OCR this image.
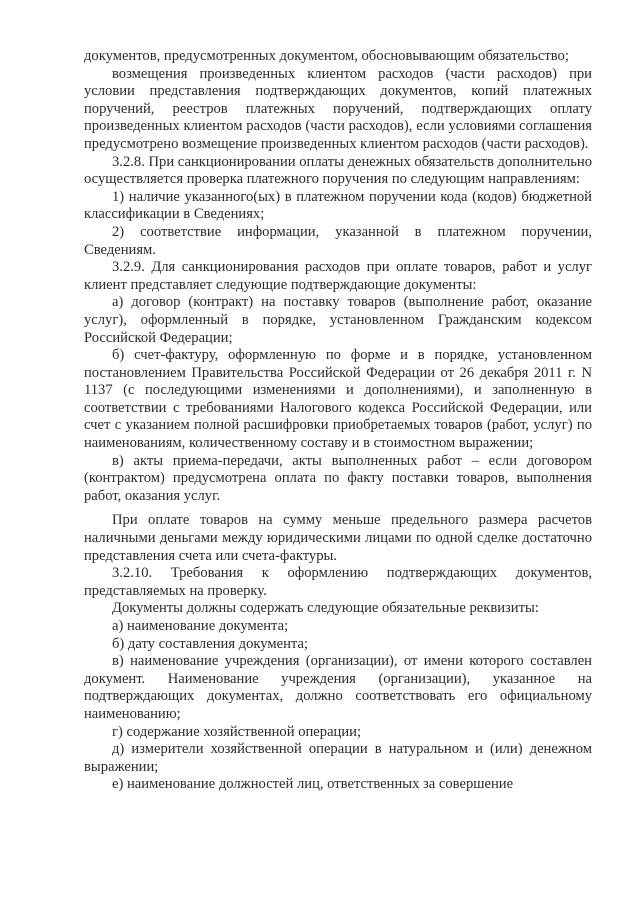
документов, предусмотренных документом, обосновывающим обязательство;

возмещения произведенных клиентом расходов (части расходов) при условии представления подтверждающих документов, копий платежных поручений, реестров платежных поручений, подтверждающих оплату произведенных клиентом расходов (части расходов), если условиями соглашения предусмотрено возмещение произведенных клиентом расходов (части расходов).

3.2.8. При санкционировании оплаты денежных обязательств дополнительно осуществляется проверка платежного поручения по следующим направлениям:

1) наличие указанного(ых) в платежном поручении кода (кодов) бюджетной классификации в Сведениях;

2) соответствие информации, указанной в платежном поручении, Сведениям.

3.2.9. Для санкционирования расходов при оплате товаров, работ и услуг клиент представляет следующие подтверждающие документы:

а) договор (контракт) на поставку товаров (выполнение работ, оказание услуг), оформленный в порядке, установленном Гражданским кодексом Российской Федерации;

б) счет-фактуру, оформленную по форме и в порядке, установленном постановлением Правительства Российской Федерации от 26 декабря 2011 г. N 1137 (с последующими изменениями и дополнениями), и заполненную в соответствии с требованиями Налогового кодекса Российской Федерации, или счет с указанием полной расшифровки приобретаемых товаров (работ, услуг) по наименованиям, количественному составу и в стоимостном выражении;

в) акты приема-передачи, акты выполненных работ – если договором (контрактом) предусмотрена оплата по факту поставки товаров, выполнения работ, оказания услуг.

При оплате товаров на сумму меньше предельного размера расчетов наличными деньгами между юридическими лицами по одной сделке достаточно представления счета или счета-фактуры.

3.2.10. Требования к оформлению подтверждающих документов, представляемых на проверку.

Документы должны содержать следующие обязательные реквизиты:

а) наименование документа;

б) дату составления документа;

в) наименование учреждения (организации), от имени которого составлен документ. Наименование учреждения (организации), указанное на подтверждающих документах, должно соответствовать его официальному наименованию;

г) содержание хозяйственной операции;

д) измерители хозяйственной операции в натуральном и (или) денежном выражении;

е) наименование должностей лиц, ответственных за совершение
